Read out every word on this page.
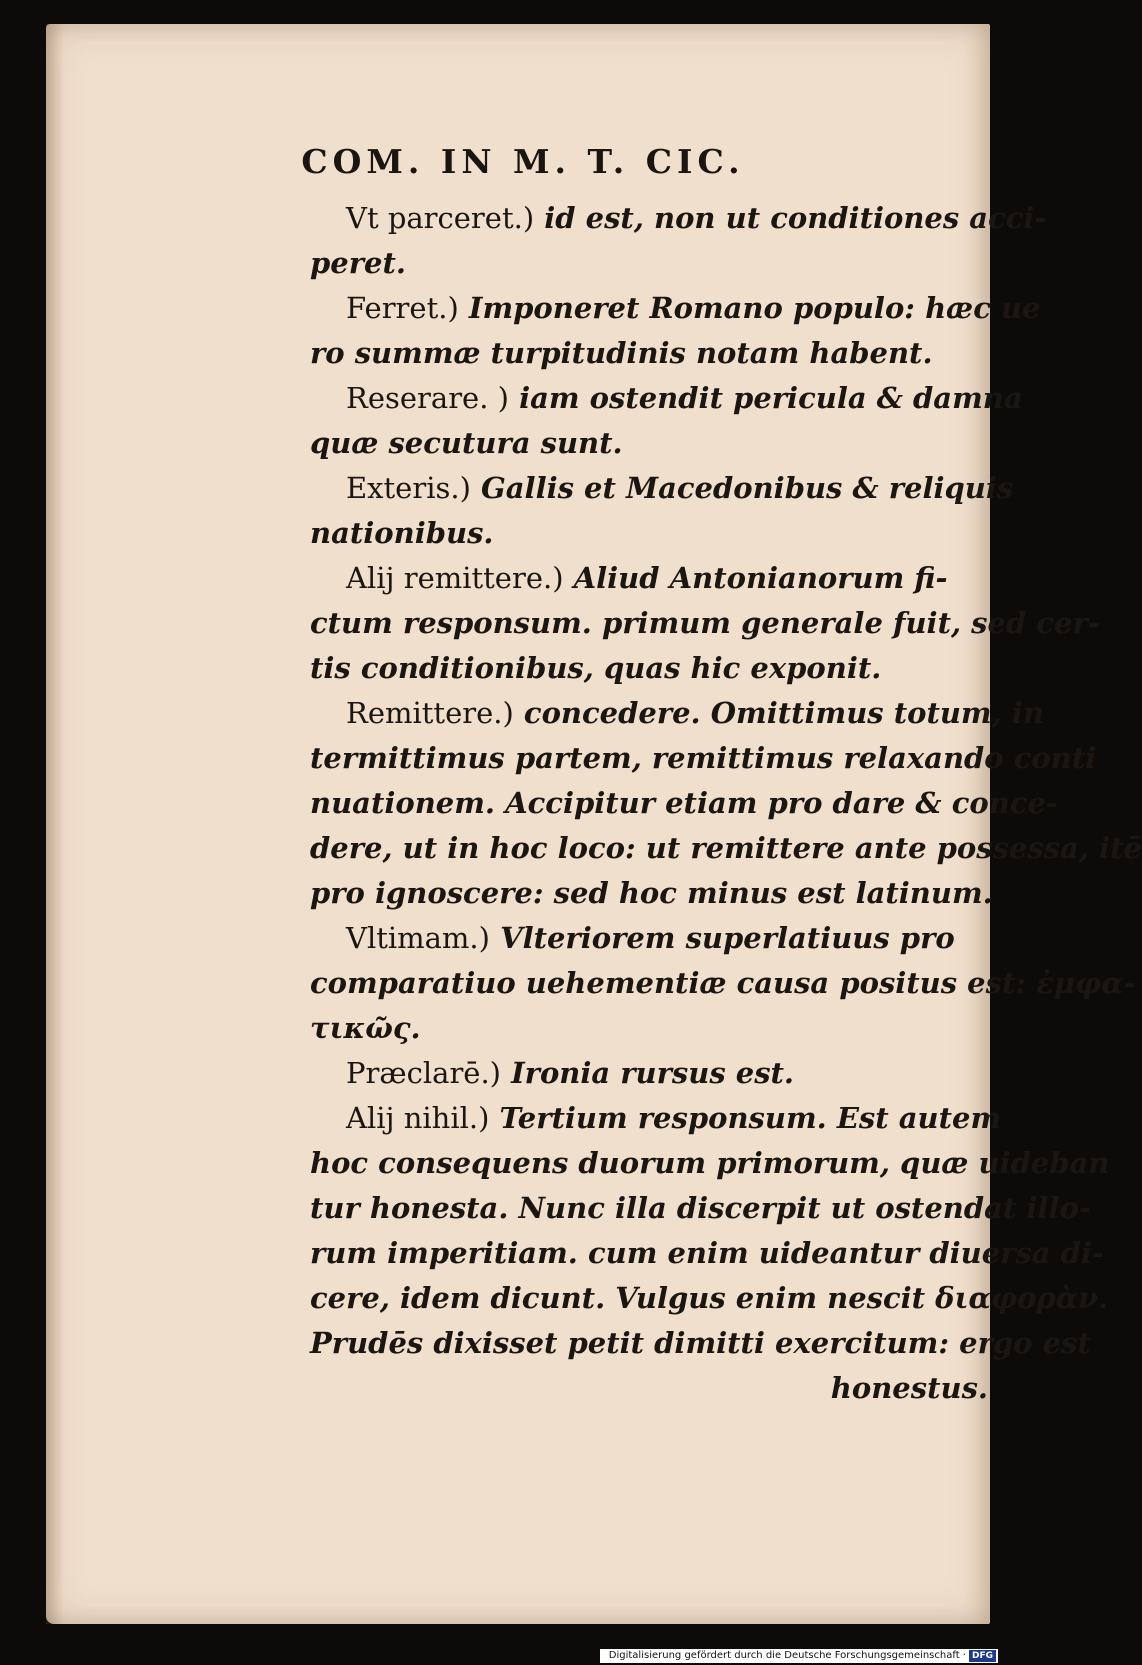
COM. IN M. T. CIC.
Vt parceret.) id est, non ut conditiones acci-
peret.
Ferret.) Imponeret Romano populo: hæc ue
ro summæ turpitudinis notam habent.
Reserare. ) iam ostendit pericula & damna
quæ secutura sunt.
Exteris.) Gallis et Macedonibus & reliquis
nationibus.
Alij remittere.) Aliud Antonianorum fi-
ctum responsum. primum generale fuit, sed cer-
tis conditionibus, quas hic exponit.
Remittere.) concedere. Omittimus totum, in
termittimus partem, remittimus relaxando conti
nuationem. Accipitur etiam pro dare & conce-
dere, ut in hoc loco: ut remittere ante possessa, itē
pro ignoscere: sed hoc minus est latinum.
Vltimam.) Vlteriorem superlatiuus pro
comparatiuo uehementiæ causa positus est: ἐμφα-
τικῶς.
Præclarē.) Ironia rursus est.
Alij nihil.) Tertium responsum. Est autem
hoc consequens duorum primorum, quæ uideban
tur honesta. Nunc illa discerpit ut ostendat illo-
rum imperitiam. cum enim uideantur diuersa di-
cere, idem dicunt. Vulgus enim nescit διαφορὰν.
Prudēs dixisset petit dimitti exercitum: ergo est
honestus.
Digitalisierung gefördert durch die Deutsche Forschungsgemeinschaft · DFG
